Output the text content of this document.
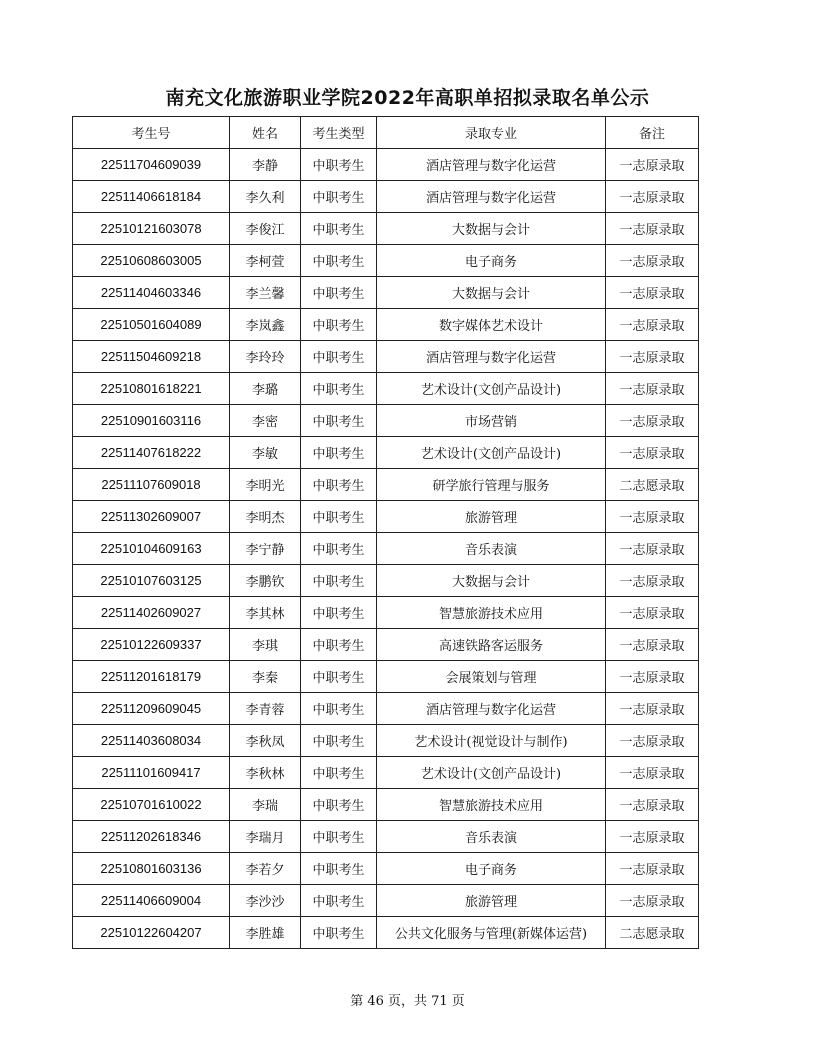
南充文化旅游职业学院2022年高职单招拟录取名单公示
考生号	姓名	考生类型	录取专业	备注
22511704609039	李静	中职考生	酒店管理与数字化运营	一志原录取
22511406618184	李久利	中职考生	酒店管理与数字化运营	一志原录取
22510121603078	李俊江	中职考生	大数据与会计	一志原录取
22510608603005	李柯萱	中职考生	电子商务	一志原录取
22511404603346	李兰馨	中职考生	大数据与会计	一志原录取
22510501604089	李岚鑫	中职考生	数字媒体艺术设计	一志原录取
22511504609218	李玲玲	中职考生	酒店管理与数字化运营	一志原录取
22510801618221	李璐	中职考生	艺术设计(文创产品设计)	一志原录取
22510901603116	李密	中职考生	市场营销	一志原录取
22511407618222	李敏	中职考生	艺术设计(文创产品设计)	一志原录取
22511107609018	李明光	中职考生	研学旅行管理与服务	二志愿录取
22511302609007	李明杰	中职考生	旅游管理	一志原录取
22510104609163	李宁静	中职考生	音乐表演	一志原录取
22510107603125	李鹏钦	中职考生	大数据与会计	一志原录取
22511402609027	李其林	中职考生	智慧旅游技术应用	一志原录取
22510122609337	李琪	中职考生	高速铁路客运服务	一志原录取
22511201618179	李秦	中职考生	会展策划与管理	一志原录取
22511209609045	李青蓉	中职考生	酒店管理与数字化运营	一志原录取
22511403608034	李秋凤	中职考生	艺术设计(视觉设计与制作)	一志原录取
22511101609417	李秋林	中职考生	艺术设计(文创产品设计)	一志原录取
22510701610022	李瑞	中职考生	智慧旅游技术应用	一志原录取
22511202618346	李瑞月	中职考生	音乐表演	一志原录取
22510801603136	李若夕	中职考生	电子商务	一志原录取
22511406609004	李沙沙	中职考生	旅游管理	一志原录取
22510122604207	李胜雄	中职考生	公共文化服务与管理(新媒体运营)	二志愿录取
第 46 页，共 71 页
